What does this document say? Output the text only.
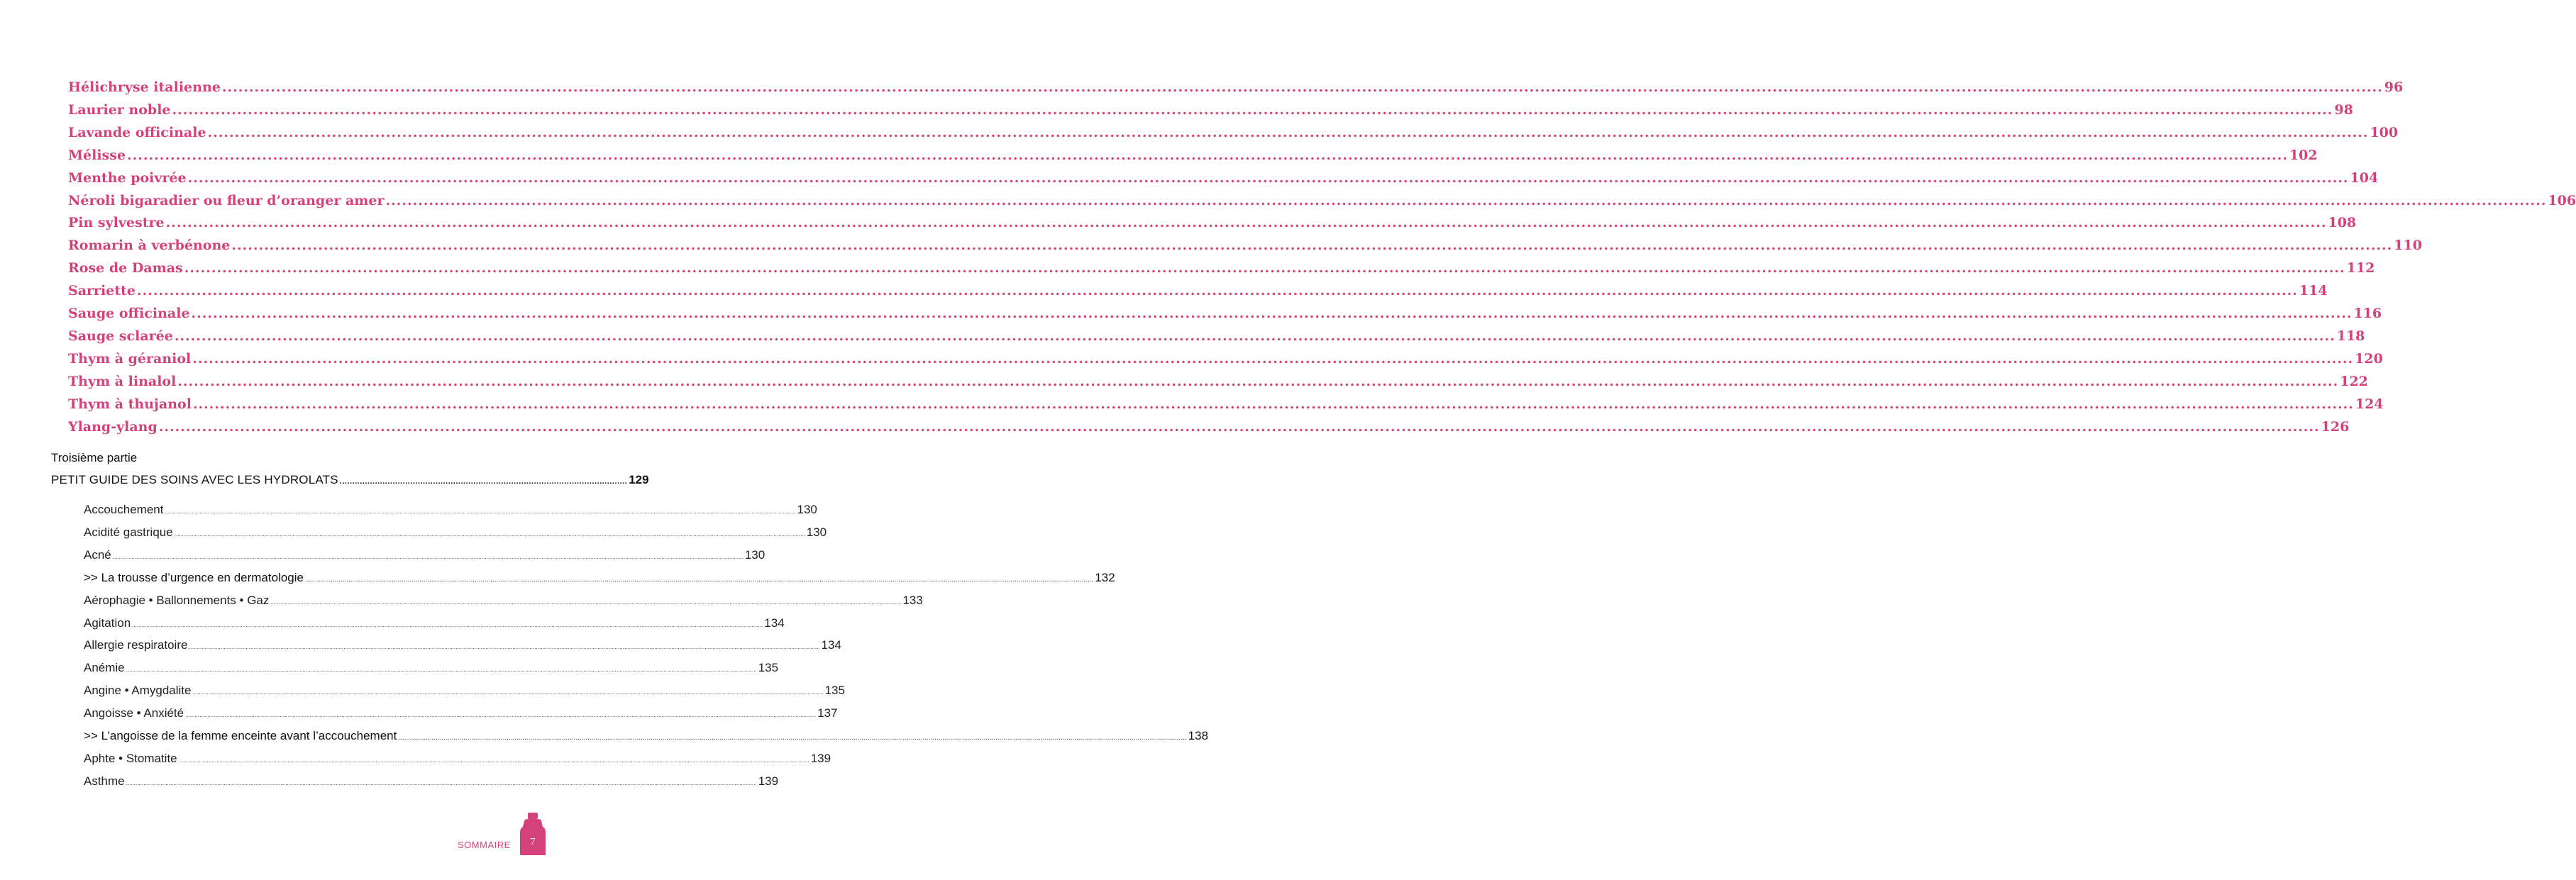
Hélichryse italienne ................................................................................................................................................................................................................................................................................................................................................................................................................ 96
Laurier noble ................................................................................................................................................................................................................................................................................................................................................................................................................ 98
Lavande officinale ................................................................................................................................................................................................................................................................................................................................................................................................................ 100
Mélisse ................................................................................................................................................................................................................................................................................................................................................................................................................ 102
Menthe poivrée ................................................................................................................................................................................................................................................................................................................................................................................................................ 104
Néroli bigaradier ou fleur d’oranger amer ................................................................................................................................................................................................................................................................................................................................................................................................................ 106
Pin sylvestre ................................................................................................................................................................................................................................................................................................................................................................................................................ 108
Romarin à verbénone ................................................................................................................................................................................................................................................................................................................................................................................................................ 110
Rose de Damas ................................................................................................................................................................................................................................................................................................................................................................................................................ 112
Sarriette ................................................................................................................................................................................................................................................................................................................................................................................................................ 114
Sauge officinale ................................................................................................................................................................................................................................................................................................................................................................................................................ 116
Sauge sclarée ................................................................................................................................................................................................................................................................................................................................................................................................................ 118
Thym à géraniol ................................................................................................................................................................................................................................................................................................................................................................................................................ 120
Thym à linalol ................................................................................................................................................................................................................................................................................................................................................................................................................ 122
Thym à thujanol ................................................................................................................................................................................................................................................................................................................................................................................................................ 124
Ylang-ylang ................................................................................................................................................................................................................................................................................................................................................................................................................ 126
Troisième partie
PETIT GUIDE DES SOINS AVEC LES HYDROLATS .................................................................................................................. 129
Accouchement ................................................................................................................................................................................................................................................................................................................................................................................................................ 130
Acidité gastrique ................................................................................................................................................................................................................................................................................................................................................................................................................ 130
Acné ................................................................................................................................................................................................................................................................................................................................................................................................................ 130
>> La trousse d’urgence en dermatologie ................................................................................................................................................................................................................................................................................................................................................................................................................ 132
Aérophagie • Ballonnements • Gaz ................................................................................................................................................................................................................................................................................................................................................................................................................ 133
Agitation ................................................................................................................................................................................................................................................................................................................................................................................................................ 134
Allergie respiratoire ................................................................................................................................................................................................................................................................................................................................................................................................................ 134
Anémie ................................................................................................................................................................................................................................................................................................................................................................................................................ 135
Angine • Amygdalite ................................................................................................................................................................................................................................................................................................................................................................................................................ 135
Angoisse • Anxiété ................................................................................................................................................................................................................................................................................................................................................................................................................ 137
>> L’angoisse de la femme enceinte avant l’accouchement ................................................................................................................................................................................................................................................................................................................................................................................................................ 138
Aphte • Stomatite ................................................................................................................................................................................................................................................................................................................................................................................................................ 139
Asthme ................................................................................................................................................................................................................................................................................................................................................................................................................ 139
SOMMAIRE	7
